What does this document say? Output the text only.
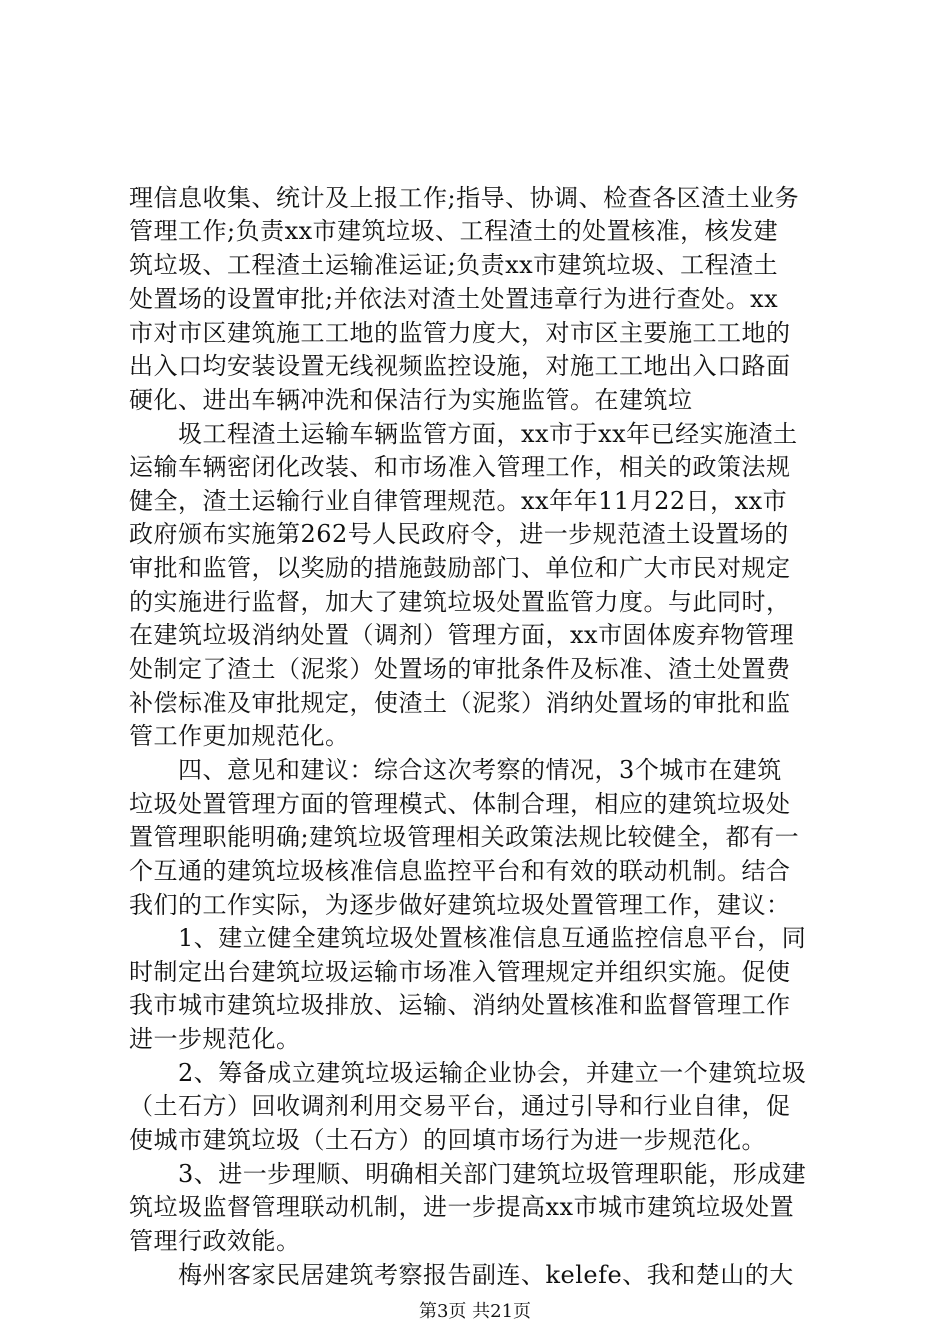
理信息收集、统计及上报工作;指导、协调、检查各区渣土业务
管理工作;负责xx市建筑垃圾、工程渣土的处置核准，核发建
筑垃圾、工程渣土运输准运证;负责xx市建筑垃圾、工程渣土
处置场的设置审批;并依法对渣土处置违章行为进行查处。xx
市对市区建筑施工工地的监管力度大，对市区主要施工工地的
出入口均安装设置无线视频监控设施，对施工工地出入口路面
硬化、进出车辆冲洗和保洁行为实施监管。在建筑垃
　　圾工程渣土运输车辆监管方面，xx市于xx年已经实施渣土
运输车辆密闭化改装、和市场准入管理工作，相关的政策法规
健全，渣土运输行业自律管理规范。xx年年11月22日，xx市
政府颁布实施第262号人民政府令，进一步规范渣土设置场的
审批和监管，以奖励的措施鼓励部门、单位和广大市民对规定
的实施进行监督，加大了建筑垃圾处置监管力度。与此同时，
在建筑垃圾消纳处置（调剂）管理方面，xx市固体废弃物管理
处制定了渣土（泥浆）处置场的审批条件及标准、渣土处置费
补偿标准及审批规定，使渣土（泥浆）消纳处置场的审批和监
管工作更加规范化。
　　四、意见和建议：综合这次考察的情况，3个城市在建筑
垃圾处置管理方面的管理模式、体制合理，相应的建筑垃圾处
置管理职能明确;建筑垃圾管理相关政策法规比较健全，都有一
个互通的建筑垃圾核准信息监控平台和有效的联动机制。结合
我们的工作实际，为逐步做好建筑垃圾处置管理工作，建议：
　　1、建立健全建筑垃圾处置核准信息互通监控信息平台，同
时制定出台建筑垃圾运输市场准入管理规定并组织实施。促使
我市城市建筑垃圾排放、运输、消纳处置核准和监督管理工作
进一步规范化。
　　2、筹备成立建筑垃圾运输企业协会，并建立一个建筑垃圾
（土石方）回收调剂利用交易平台，通过引导和行业自律，促
使城市建筑垃圾（土石方）的回填市场行为进一步规范化。
　　3、进一步理顺、明确相关部门建筑垃圾管理职能，形成建
筑垃圾监督管理联动机制，进一步提高xx市城市建筑垃圾处置
管理行政效能。
　　梅州客家民居建筑考察报告副连、kelefe、我和楚山的大
第3页 共21页
